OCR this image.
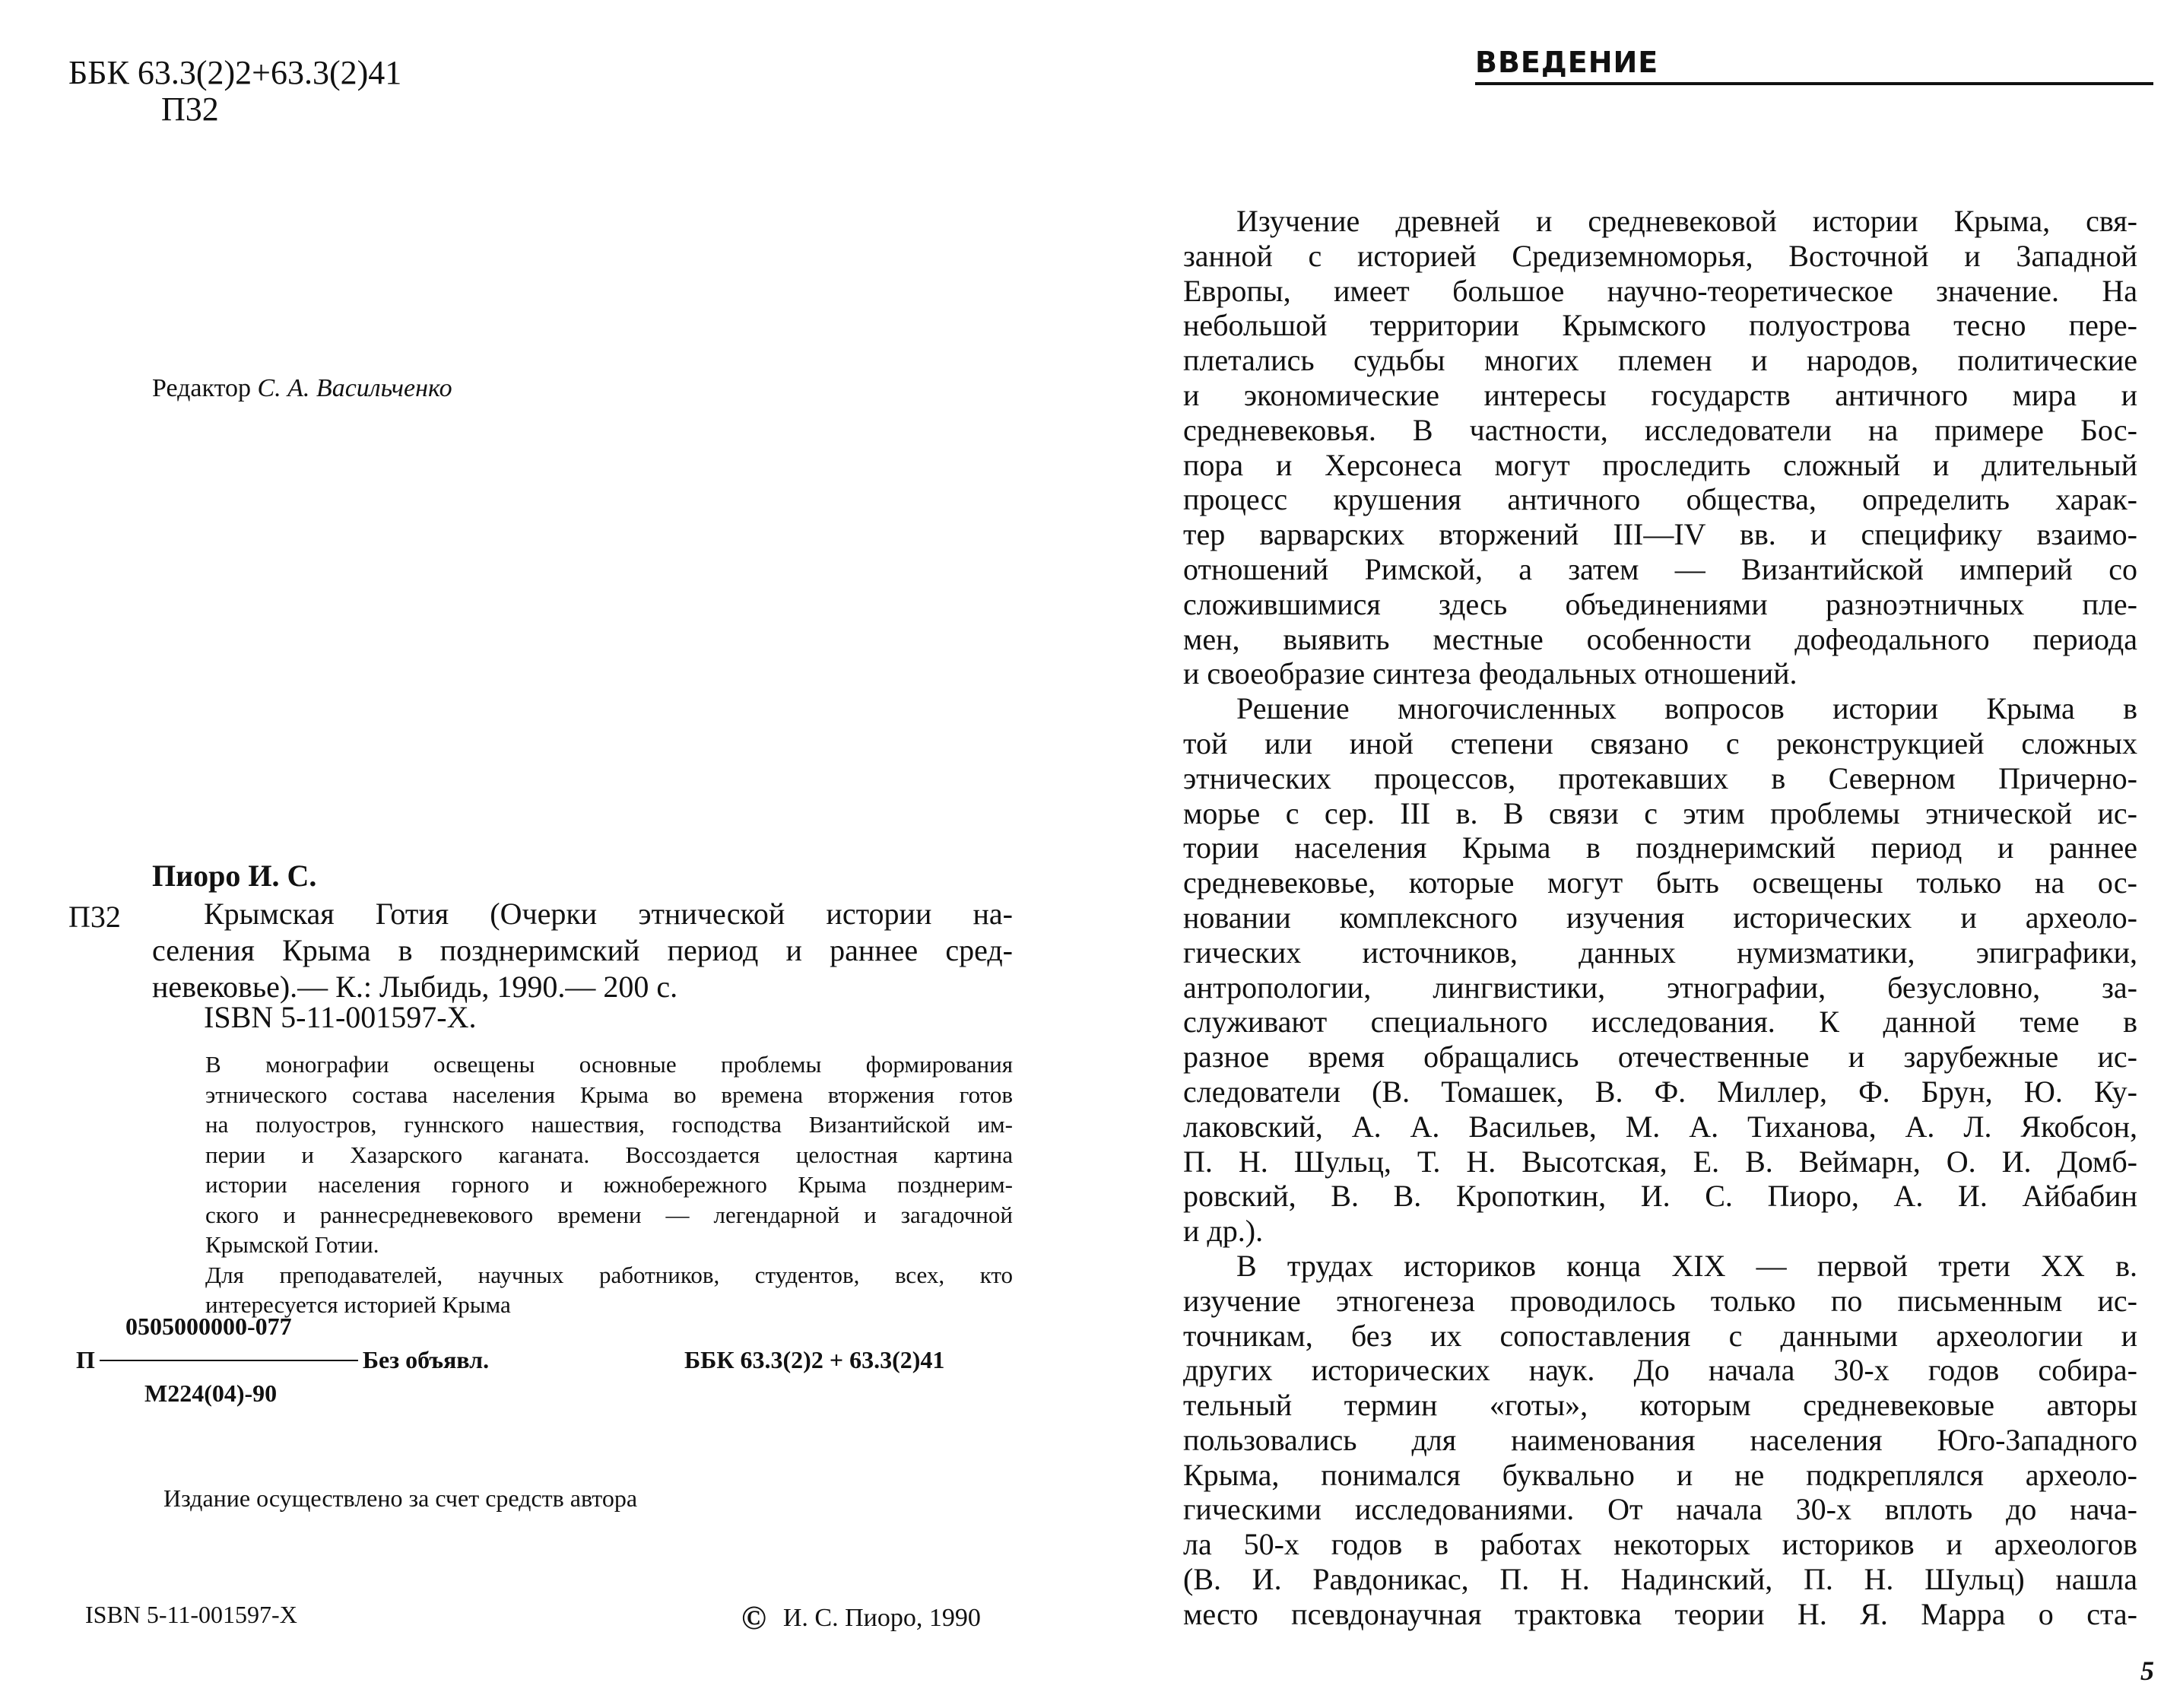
ББК 63.3(2)2+63.3(2)41
П32
Редактор С. А. Васильченко
Пиоро И. С.
П32	Крымская Готия (Очерки этнической истории на-
селения Крыма в позднеримский период и раннее сред-
невековье).— К.: Лыбидь, 1990.— 200 с.
ISBN 5-11-001597-Х.

В монографии освещены основные проблемы формирования
этнического состава населения Крыма во времена вторжения готов
на полуостров, гуннского нашествия, господства Византийской им-
перии и Хазарского каганата. Воссоздается целостная картина
истории населения горного и южнобережного Крыма позднерим-
ского и раннесредневекового времени — легендарной и загадочной
Крымской Готии.

Для преподавателей, научных работников, студентов, всех, кто
интересуется историей Крыма

0505000000-077
П	Без объявл.
М224(04)-90
ББК 63.3(2)2 + 63.3(2)41
Издание осуществлено за счет средств автора
ISBN 5-11-001597-Х	© И. С. Пиоро, 1990
ВВЕДЕНИЕ

Изучение древней и средневековой истории Крыма, свя-
занной с историей Средиземноморья, Восточной и Западной
Европы, имеет большое научно-теоретическое значение. На
небольшой территории Крымского полуострова тесно пере-
плетались судьбы многих племен и народов, политические
и экономические интересы государств античного мира и
средневековья. В частности, исследователи на примере Бос-
пора и Херсонеса могут проследить сложный и длительный
процесс крушения античного общества, определить харак-
тер варварских вторжений III—IV вв. и специфику взаимо-
отношений Римской, а затем — Византийской империй со
сложившимися здесь объединениями разноэтничных пле-
мен, выявить местные особенности дофеодального периода
и своеобразие синтеза феодальных отношений.

Решение многочисленных вопросов истории Крыма в
той или иной степени связано с реконструкцией сложных
этнических процессов, протекавших в Северном Причерно-
морье с сер. III в. В связи с этим проблемы этнической ис-
тории населения Крыма в позднеримский период и раннее
средневековье, которые могут быть освещены только на ос-
новании комплексного изучения исторических и археоло-
гических источников, данных нумизматики, эпиграфики,
антропологии, лингвистики, этнографии, безусловно, за-
служивают специального исследования. К данной теме в
разное время обращались отечественные и зарубежные ис-
следователи (В. Томашек, В. Ф. Миллер, Ф. Брун, Ю. Ку-
лаковский, А. А. Васильев, М. А. Тиханова, А. Л. Якобсон,
П. Н. Шульц, Т. Н. Высотская, Е. В. Веймарн, О. И. Домб-
ровский, В. В. Кропоткин, И. С. Пиоро, А. И. Айбабин
и др.).

В трудах историков конца XIX — первой трети XX в.
изучение этногенеза проводилось только по письменным ис-
точникам, без их сопоставления с данными археологии и
других исторических наук. До начала 30-х годов собира-
тельный термин «готы», которым средневековые авторы
пользовались для наименования населения Юго-Западного
Крыма, понимался буквально и не подкреплялся археоло-
гическими исследованиями. От начала 30-х вплоть до нача-
ла 50-х годов в работах некоторых историков и археологов
(В. И. Равдоникас, П. Н. Надинский, П. Н. Шульц) нашла
место псевдонаучная трактовка теории Н. Я. Марра о ста-

5
